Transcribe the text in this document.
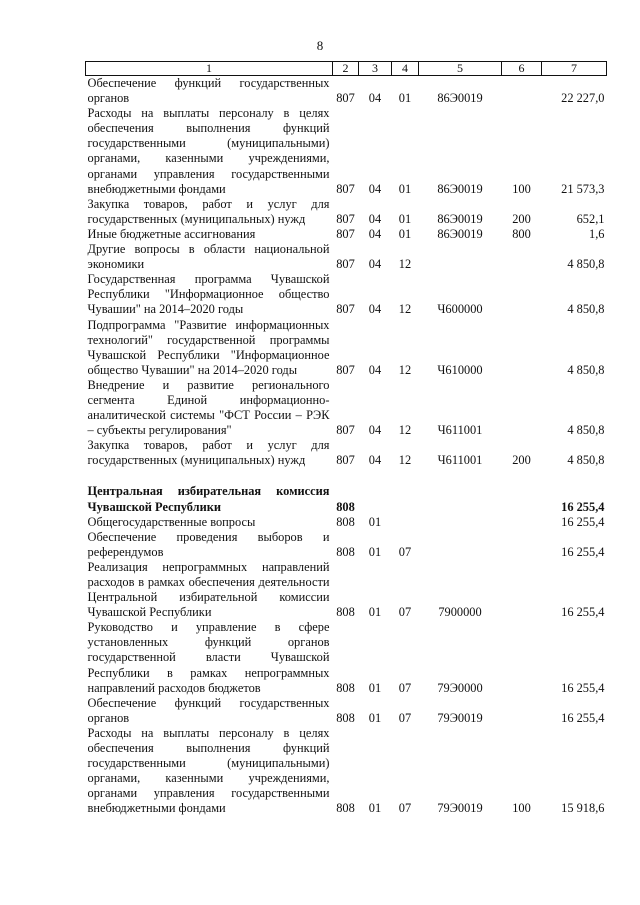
8
1	2	3	4	5	6	7
Обеспечение функций государственных органов	807	04	01	86Э0019		22 227,0
Расходы на выплаты персоналу в целях обеспечения выполнения функций государственными (муниципальными) органами, казенными учреждениями, органами управления государственными внебюджетными фондами	807	04	01	86Э0019	100	21 573,3
Закупка товаров, работ и услуг для государственных (муниципальных) нужд	807	04	01	86Э0019	200	652,1
Иные бюджетные ассигнования	807	04	01	86Э0019	800	1,6
Другие вопросы в области национальной экономики	807	04	12			4 850,8
Государственная программа Чувашской Республики "Информационное общество Чувашии" на 2014–2020 годы	807	04	12	Ч600000		4 850,8
Подпрограмма "Развитие информационных технологий" государственной программы Чувашской Республики "Информационное общество Чувашии" на 2014–2020 годы	807	04	12	Ч610000		4 850,8
Внедрение и развитие регионального сегмента Единой информационно-аналитической системы "ФСТ России – РЭК – субъекты регулирования"	807	04	12	Ч611001		4 850,8
Закупка товаров, работ и услуг для государственных (муниципальных) нужд	807	04	12	Ч611001	200	4 850,8

Центральная избирательная комиссия Чувашской Республики	808					16 255,4
Общегосударственные вопросы	808	01				16 255,4
Обеспечение проведения выборов и референдумов	808	01	07			16 255,4
Реализация непрограммных направлений расходов в рамках обеспечения деятельности Центральной избирательной комиссии Чувашской Республики	808	01	07	7900000		16 255,4
Руководство и управление в сфере установленных функций органов государственной власти Чувашской Республики в рамках непрограммных направлений расходов бюджетов	808	01	07	79Э0000		16 255,4
Обеспечение функций государственных органов	808	01	07	79Э0019		16 255,4
Расходы на выплаты персоналу в целях обеспечения выполнения функций государственными (муниципальными) органами, казенными учреждениями, органами управления государственными внебюджетными фондами	808	01	07	79Э0019	100	15 918,6
